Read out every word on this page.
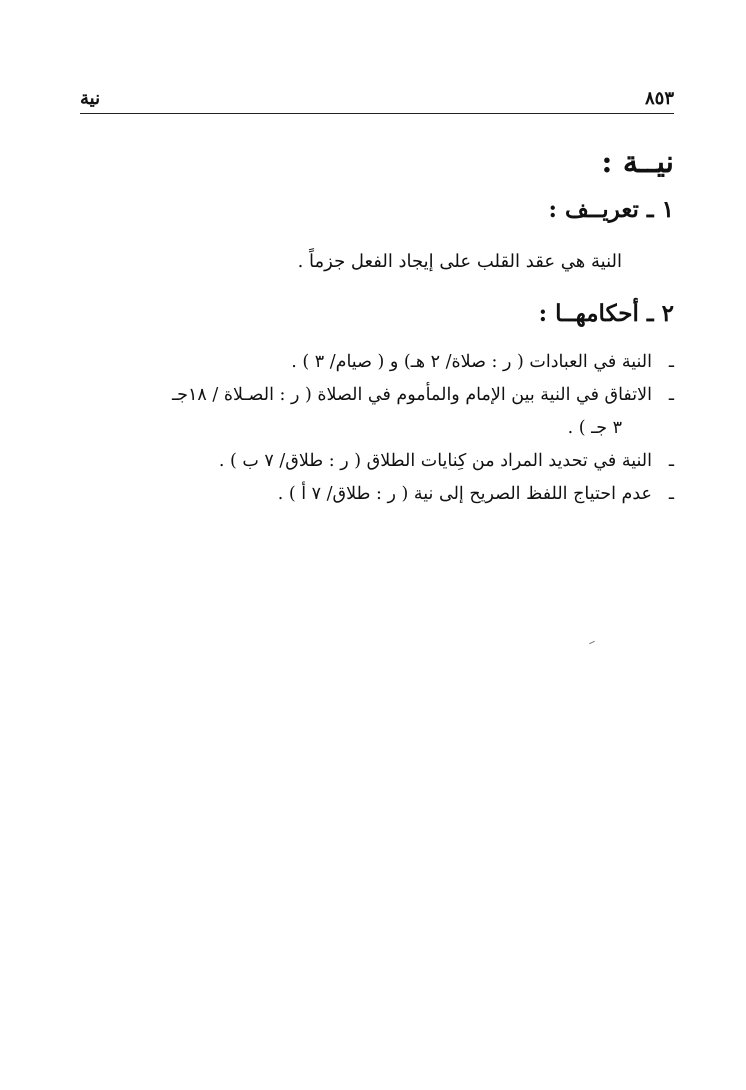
٨٥٣
نية
نيــة :
١ ـ تعريــف :
النية هي عقد القلب على إيجاد الفعل جزماً .
٢ ـ أحكامهــا :
ـ
النية في العبادات ( ر : صلاة/ ٢ هـ) و ( صيام/ ٣ ) .
ـ
الاتفاق في النية بين الإمام والمأموم في الصلاة ( ر : الصـلاة / ١٨جـ
٣ جـ ) .
ـ
النية في تحديد المراد من كِنايات الطلاق ( ر : طلاق/ ٧ ب ) .
ـ
عدم احتياج اللفظ الصريح إلى نية ( ر : طلاق/ ٧ أ ) .
